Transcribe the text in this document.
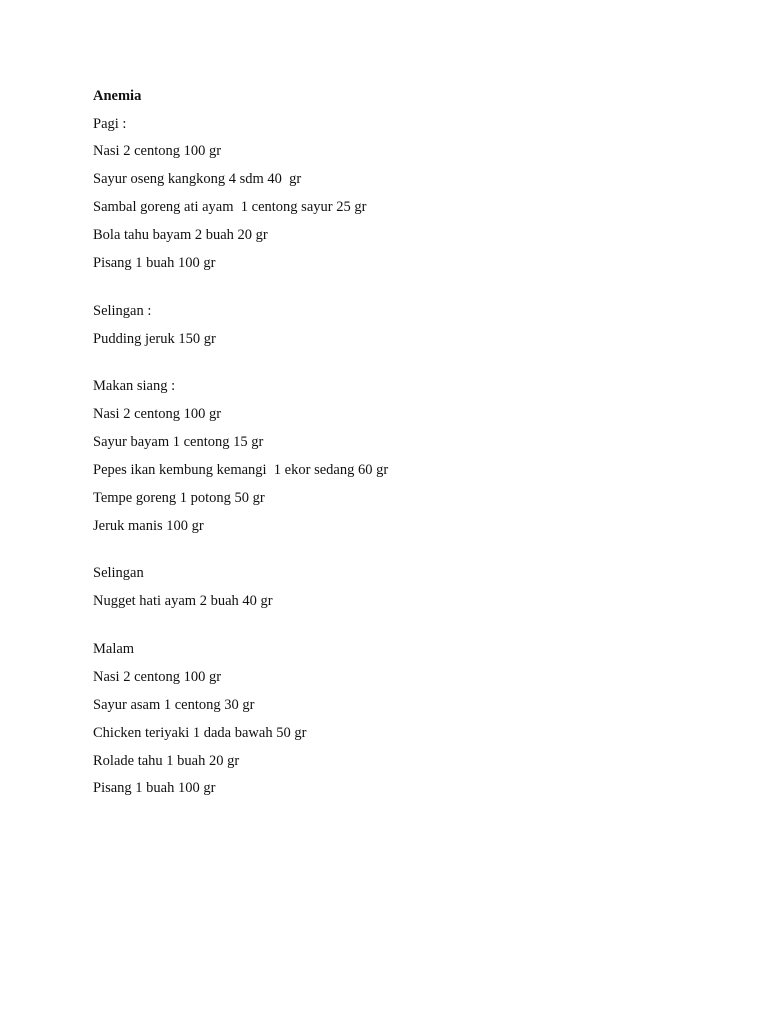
Anemia
Pagi :
Nasi 2 centong 100 gr
Sayur oseng kangkong 4 sdm 40  gr
Sambal goreng ati ayam  1 centong sayur 25 gr
Bola tahu bayam 2 buah 20 gr
Pisang 1 buah 100 gr
Selingan :
Pudding jeruk 150 gr
Makan siang :
Nasi 2 centong 100 gr
Sayur bayam 1 centong 15 gr
Pepes ikan kembung kemangi  1 ekor sedang 60 gr
Tempe goreng 1 potong 50 gr
Jeruk manis 100 gr
Selingan
Nugget hati ayam 2 buah 40 gr
Malam
Nasi 2 centong 100 gr
Sayur asam 1 centong 30 gr
Chicken teriyaki 1 dada bawah 50 gr
Rolade tahu 1 buah 20 gr
Pisang 1 buah 100 gr
